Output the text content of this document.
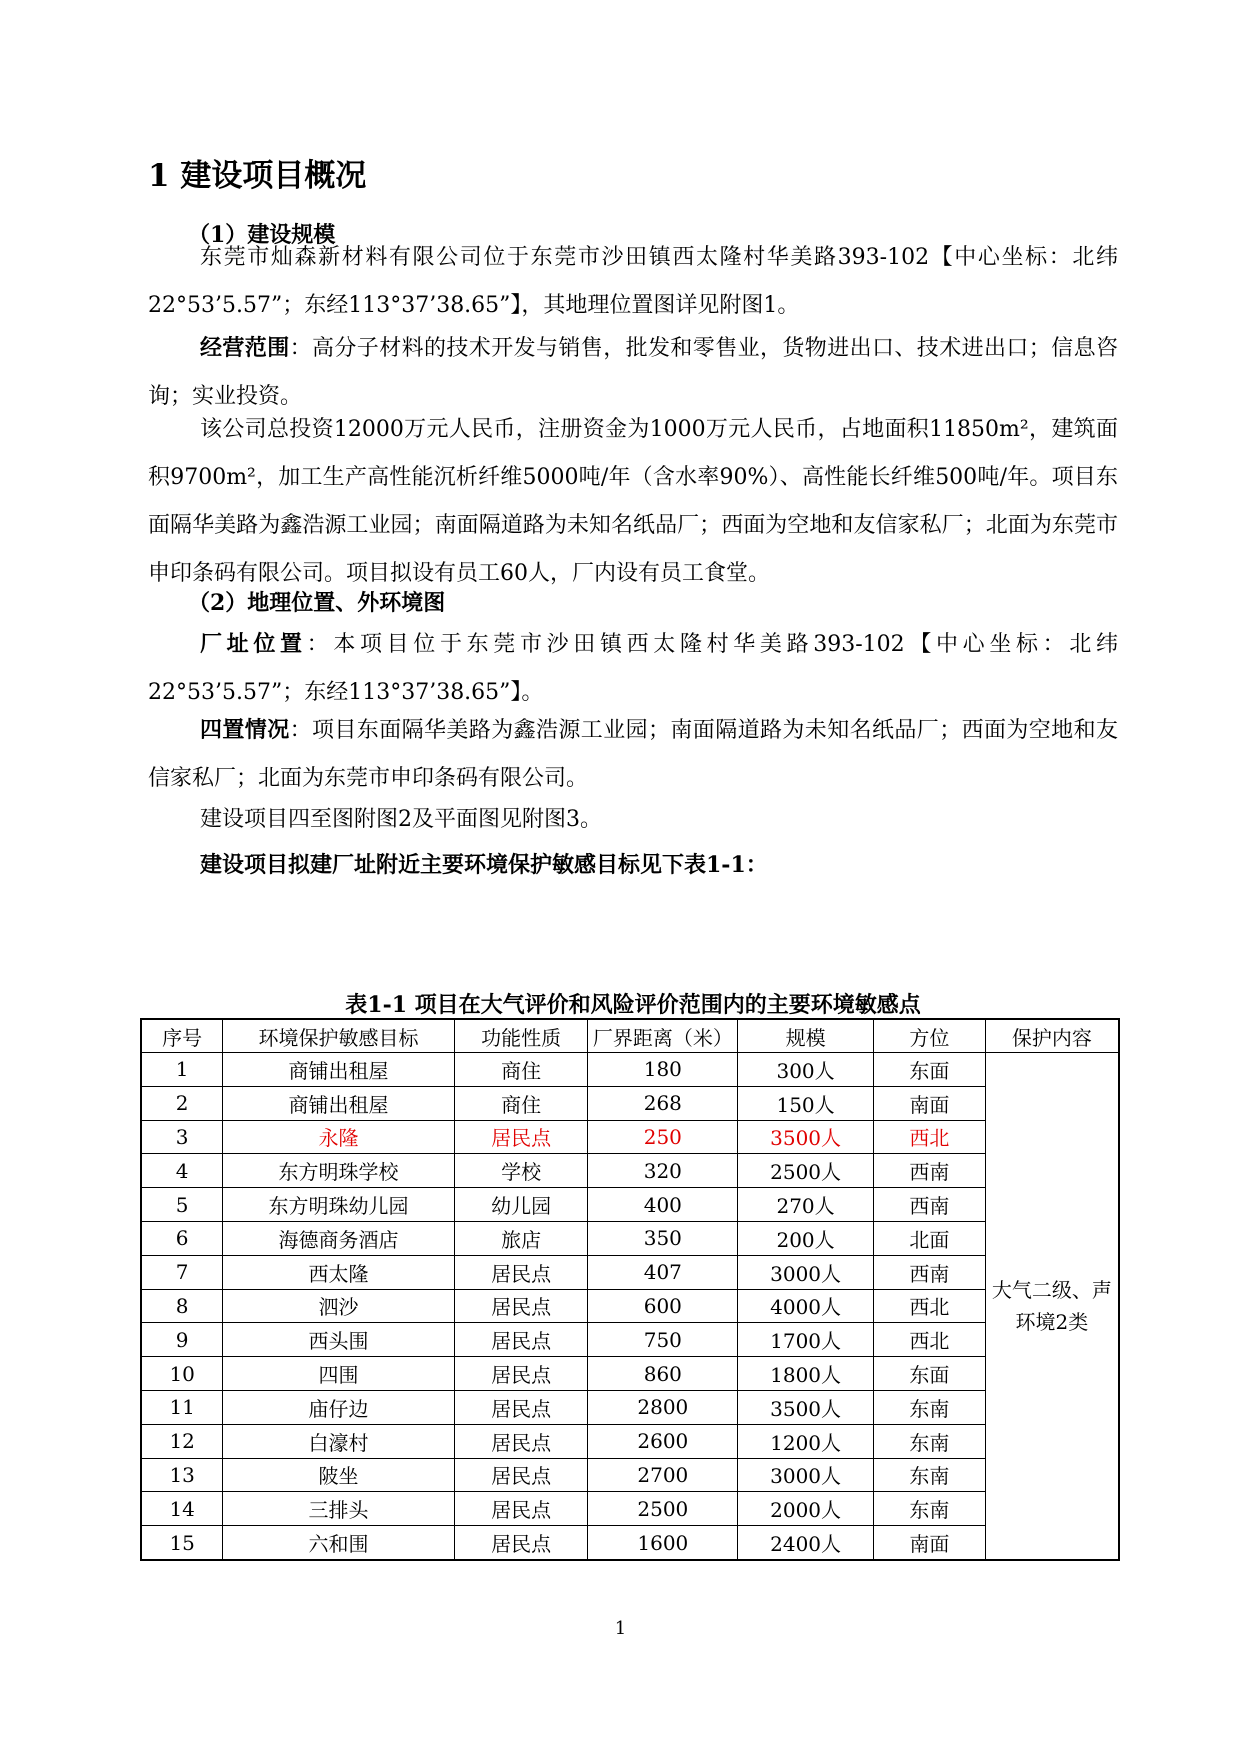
1 建设项目概况

（1）建设规模

东莞市灿森新材料有限公司位于东莞市沙田镇西太隆村华美路393-102【中心坐标：北纬22°53’5.57”；东经113°37’38.65”】，其地理位置图详见附图1。

经营范围：高分子材料的技术开发与销售，批发和零售业，货物进出口、技术进出口；信息咨询；实业投资。

该公司总投资12000万元人民币，注册资金为1000万元人民币，占地面积11850m²，建筑面积9700m²，加工生产高性能沉析纤维5000吨/年（含水率90%）、高性能长纤维500吨/年。项目东面隔华美路为鑫浩源工业园；南面隔道路为未知名纸品厂；西面为空地和友信家私厂；北面为东莞市申印条码有限公司。项目拟设有员工60人，厂内设有员工食堂。

（2）地理位置、外环境图

厂址位置：本项目位于东莞市沙田镇西太隆村华美路393-102【中心坐标：北纬22°53’5.57”；东经113°37’38.65”】。

四置情况：项目东面隔华美路为鑫浩源工业园；南面隔道路为未知名纸品厂；西面为空地和友信家私厂；北面为东莞市申印条码有限公司。

建设项目四至图附图2及平面图见附图3。

建设项目拟建厂址附近主要环境保护敏感目标见下表1-1：

表1-1 项目在大气评价和风险评价范围内的主要环境敏感点

序号	环境保护敏感目标	功能性质	厂界距离（米）	规模	方位	保护内容
1	商铺出租屋	商住	180	300人	东面	大气二级、声环境2类
2	商铺出租屋	商住	268	150人	南面	
3	永隆	居民点	250	3500人	西北	
4	东方明珠学校	学校	320	2500人	西南	
5	东方明珠幼儿园	幼儿园	400	270人	西南	
6	海德商务酒店	旅店	350	200人	北面	
7	西太隆	居民点	407	3000人	西南	
8	泗沙	居民点	600	4000人	西北	
9	西头围	居民点	750	1700人	西北	
10	四围	居民点	860	1800人	东面	
11	庙仔边	居民点	2800	3500人	东南	
12	白濠村	居民点	2600	1200人	东南	
13	陂坐	居民点	2700	3000人	东南	
14	三排头	居民点	2500	2000人	东南	
15	六和围	居民点	1600	2400人	南面	
1
